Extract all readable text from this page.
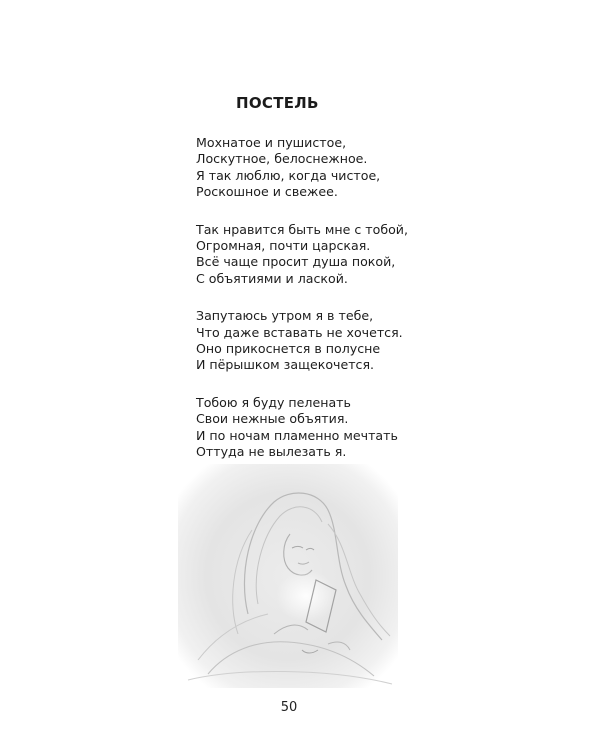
ПОСТЕЛЬ
Мохнатое и пушистое,
Лоскутное, белоснежное.
Я так люблю, когда чистое,
Роскошное и свежее.
Так нравится быть мне с тобой,
Огромная, почти царская.
Всё чаще просит душа покой,
С объятиями и лаской.
Запутаюсь утром я в тебе,
Что даже вставать не хочется.
Оно прикоснется в полусне
И пёрышком защекочется.
Тобою я буду пеленать
Свои нежные объятия.
И по ночам пламенно мечтать
Оттуда не вылезать я.
50
